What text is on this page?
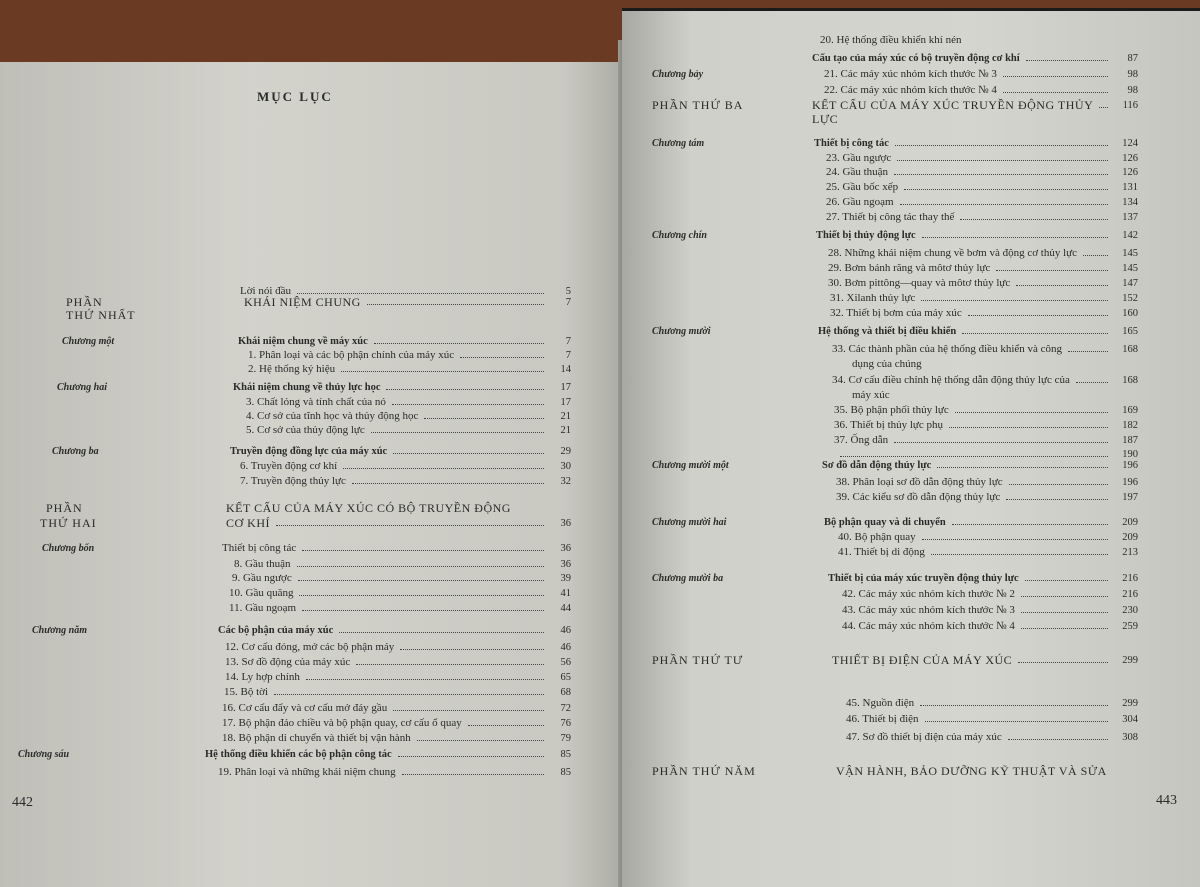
MỤC LỤC
442	443
Lời nói đầu	5
PHẦN	KHÁI NIỆM CHUNG	7
THỨ NHẤT
Chương một	Khái niệm chung về máy xúc	7
1. Phân loại và các bộ phận chính của máy xúc	7
2. Hệ thống ký hiệu	14
Chương hai	Khái niệm chung về thủy lực học	17
3. Chất lỏng và tính chất của nó	17
4. Cơ sở của tĩnh học và thủy động học	21
5. Cơ sở của thủy động lực	21
Chương ba	Truyền động đồng lực của máy xúc	29
6. Truyền động cơ khí	30
7. Truyền động thủy lực	32
PHẦN	KẾT CẤU CỦA MÁY XÚC CÓ BỘ TRUYỀN ĐỘNG
THỨ HAI	CƠ KHÍ	36
Chương bốn	Thiết bị công tác	36
8. Gầu thuận	36
9. Gầu ngược	39
10. Gầu quăng	41
11. Gầu ngoạm	44
Chương năm	Các bộ phận của máy xúc	46
12. Cơ cấu đóng, mở các bộ phận máy	46
13. Sơ đồ động của máy xúc	56
14. Ly hợp chính	65
15. Bộ tời	68
16. Cơ cấu đẩy và cơ cấu mở đáy gầu	72
17. Bộ phận đảo chiều và bộ phận quay, cơ cấu ổ quay	76
18. Bộ phận di chuyển và thiết bị vận hành	79
Chương sáu	Hệ thống điều khiển các bộ phận công tác	85
19. Phân loại và những khái niệm chung	85
20. Hệ thống điều khiển khí nén
Cấu tạo của máy xúc có bộ truyền động cơ khí	87
Chương bảy	21. Các máy xúc nhóm kích thước № 3	98
22. Các máy xúc nhóm kích thước № 4	98
PHẦN THỨ BA	KẾT CẤU CỦA MÁY XÚC TRUYỀN ĐỘNG THỦY	116
LỰC
Chương tám	Thiết bị công tác	124
23. Gầu ngược	126
24. Gầu thuận	126
25. Gầu bốc xếp	131
26. Gầu ngoạm	134
27. Thiết bị công tác thay thế	137
Chương chín	Thiết bị thủy động lực	142
28. Những khái niệm chung về bơm và động cơ thủy lực	145
29. Bơm bánh răng và môtơ thủy lực	145
30. Bơm pittông—quay và môtơ thủy lực	147
31. Xilanh thủy lực	152
32. Thiết bị bơm của máy xúc	160
Chương mười	Hệ thống và thiết bị điều khiển	165
33. Các thành phần của hệ thống điều khiển và công	168
dụng của chúng
34. Cơ cấu điều chỉnh hệ thống dẫn động thủy lực của	168
máy xúc
35. Bộ phận phối thủy lực	169
36. Thiết bị thủy lực phụ	182
37. Ống dẫn	187
190
Chương mười một	Sơ đồ dẫn động thủy lực	196
38. Phân loại sơ đồ dẫn động thủy lực	196
39. Các kiểu sơ đồ dẫn động thủy lực	197
Chương mười hai	Bộ phận quay và di chuyển	209
40. Bộ phận quay	209
41. Thiết bị di động	213
Chương mười ba	Thiết bị của máy xúc truyền động thủy lực	216
42. Các máy xúc nhóm kích thước № 2	216
43. Các máy xúc nhóm kích thước № 3	230
44. Các máy xúc nhóm kích thước № 4	259
PHẦN THỨ TƯ	THIẾT BỊ ĐIỆN CỦA MÁY XÚC	299
45. Nguồn điện	299
46. Thiết bị điện	304
47. Sơ đồ thiết bị điện của máy xúc	308
PHẦN THỨ NĂM	VẬN HÀNH, BẢO DƯỠNG KỸ THUẬT VÀ SỬA
